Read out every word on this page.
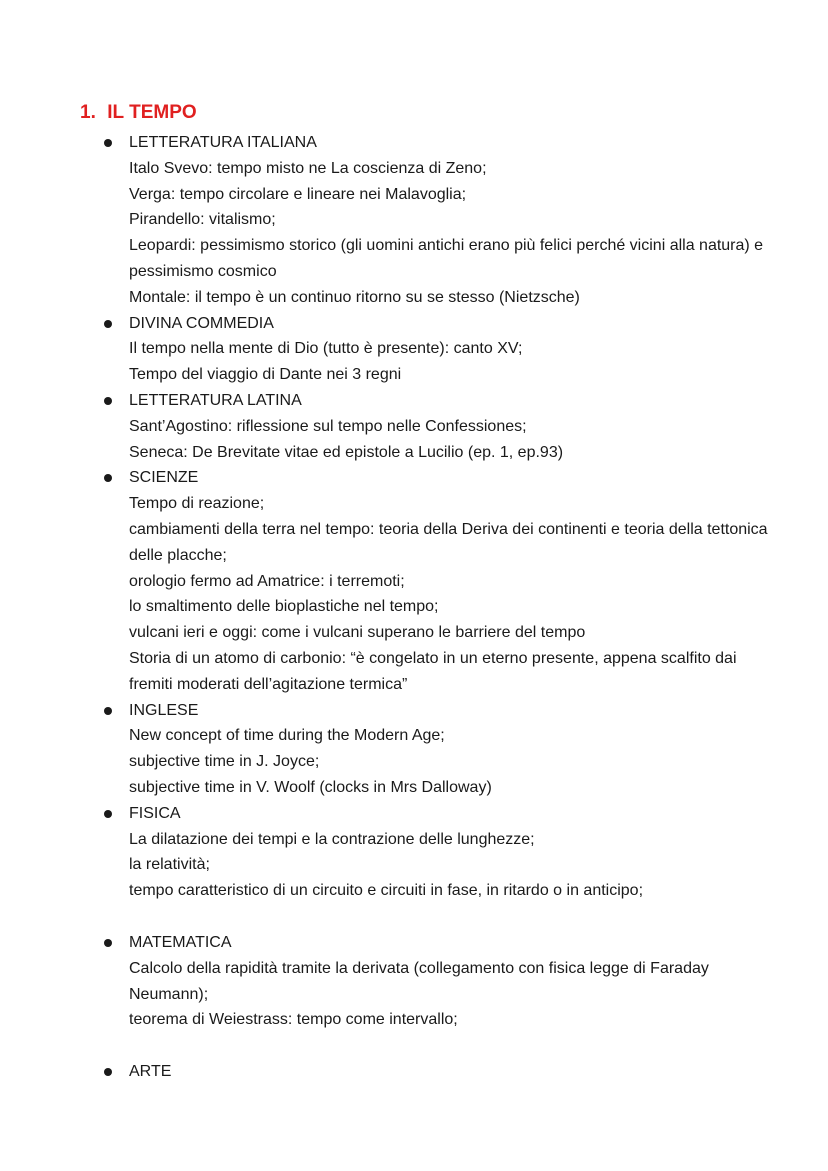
1. IL TEMPO
LETTERATURA ITALIANA
Italo Svevo: tempo misto ne La coscienza di Zeno;
Verga: tempo circolare e lineare nei Malavoglia;
Pirandello: vitalismo;
Leopardi: pessimismo storico (gli uomini antichi erano più felici perché vicini alla natura) e pessimismo cosmico
Montale: il tempo è un continuo ritorno su se stesso (Nietzsche)
DIVINA COMMEDIA
Il tempo nella mente di Dio (tutto è presente): canto XV;
Tempo del viaggio di Dante nei 3 regni
LETTERATURA LATINA
Sant’Agostino: riflessione sul tempo nelle Confessiones;
Seneca: De Brevitate vitae ed epistole a Lucilio (ep. 1, ep.93)
SCIENZE
Tempo di reazione;
cambiamenti della terra nel tempo: teoria della Deriva dei continenti e teoria della tettonica delle placche;
orologio fermo ad Amatrice: i terremoti;
lo smaltimento delle bioplastiche nel tempo;
vulcani ieri e oggi: come i vulcani superano le barriere del tempo
Storia di un atomo di carbonio: “è congelato in un eterno presente, appena scalfito dai fremiti moderati dell’agitazione termica”
INGLESE
New concept of time during the Modern Age;
subjective time in J. Joyce;
subjective time in V. Woolf (clocks in Mrs Dalloway)
FISICA
La dilatazione dei tempi e la contrazione delle lunghezze;
la relatività;
tempo caratteristico di un circuito e circuiti in fase, in ritardo o in anticipo;
MATEMATICA
Calcolo della rapidità tramite la derivata (collegamento con fisica legge di Faraday Neumann);
teorema di Weiestrass: tempo come intervallo;
ARTE
